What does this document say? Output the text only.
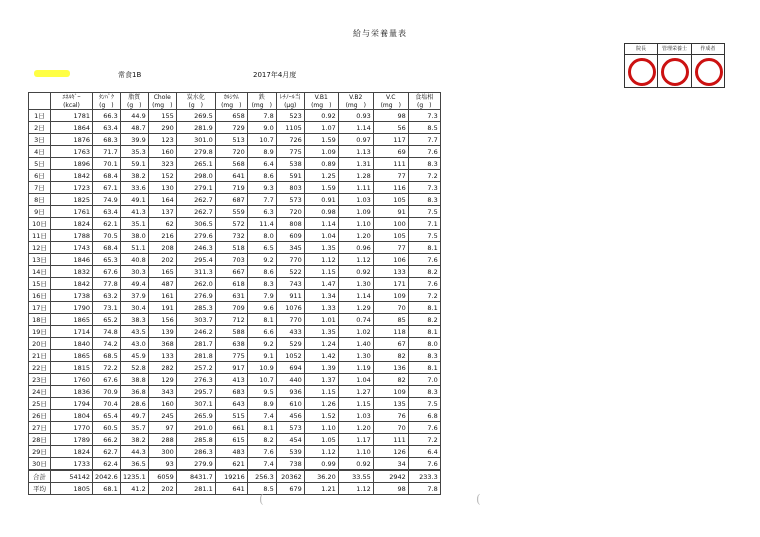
給与栄養量表
院長	管理栄養士	作成者
常食1B	2017年4月度
	ｴﾈﾙｷﾞｰ	ﾀﾝﾊﾟｸ	脂質	Chole	炭水化	ｶﾙｼｳﾑ	鉄	ﾚﾁﾉｰﾙ当	V.B1	V.B2	V.C	食塩相
	(kcal)	(g　)	(g　)	(mg　)	(g　)	(mg　)	(mg　)	(μg)	(mg　)	(mg　)	(mg　)	(g　)
1日	1781	66.3	44.9	155	269.5	658	7.8	523	0.92	0.93	98	7.3
2日	1864	63.4	48.7	290	281.9	729	9.0	1105	1.07	1.14	56	8.5
3日	1876	68.3	39.9	123	301.0	513	10.7	726	1.59	0.97	117	7.7
4日	1763	71.7	35.3	160	279.8	720	8.9	775	1.09	1.13	69	7.6
5日	1896	70.1	59.1	323	265.1	568	6.4	538	0.89	1.31	111	8.3
6日	1842	68.4	38.2	152	298.0	641	8.6	591	1.25	1.28	77	7.2
7日	1723	67.1	33.6	130	279.1	719	9.3	803	1.59	1.11	116	7.3
8日	1825	74.9	49.1	164	262.7	687	7.7	573	0.91	1.03	105	8.3
9日	1761	63.4	41.3	137	262.7	559	6.3	720	0.98	1.09	91	7.5
10日	1824	62.1	35.1	62	306.5	572	11.4	808	1.14	1.10	100	7.1
11日	1788	70.5	38.0	216	279.6	732	8.0	609	1.04	1.20	105	7.5
12日	1743	68.4	51.1	208	246.3	518	6.5	345	1.35	0.96	77	8.1
13日	1846	65.3	40.8	202	295.4	703	9.2	770	1.12	1.12	106	7.6
14日	1832	67.6	30.3	165	311.3	667	8.6	522	1.15	0.92	133	8.2
15日	1842	77.8	49.4	487	262.0	618	8.3	743	1.47	1.30	171	7.6
16日	1738	63.2	37.9	161	276.9	631	7.9	911	1.34	1.14	109	7.2
17日	1790	73.1	30.4	191	285.3	709	9.6	1076	1.33	1.29	70	8.1
18日	1865	65.2	38.3	156	303.7	712	8.1	770	1.01	0.74	85	8.2
19日	1714	74.8	43.5	139	246.2	588	6.6	433	1.35	1.02	118	8.1
20日	1840	74.2	43.0	368	281.7	638	9.2	529	1.24	1.40	67	8.0
21日	1865	68.5	45.9	133	281.8	775	9.1	1052	1.42	1.30	82	8.3
22日	1815	72.2	52.8	282	257.2	917	10.9	694	1.39	1.19	136	8.1
23日	1760	67.6	38.8	129	276.3	413	10.7	440	1.37	1.04	82	7.0
24日	1836	70.9	36.8	343	295.7	683	9.5	936	1.15	1.27	109	8.3
25日	1794	70.4	28.6	160	307.1	643	8.9	610	1.26	1.15	135	7.5
26日	1804	65.4	49.7	245	265.9	515	7.4	456	1.52	1.03	76	6.8
27日	1770	60.5	35.7	97	291.0	661	8.1	573	1.10	1.20	70	7.6
28日	1789	66.2	38.2	288	285.8	615	8.2	454	1.05	1.17	111	7.2
29日	1824	62.7	44.3	300	286.3	483	7.6	539	1.12	1.10	126	6.4
30日	1733	62.4	36.5	93	279.9	621	7.4	738	0.99	0.92	34	7.6
合計	54142	2042.6	1235.1	6059	8431.7	19216	256.3	20362	36.20	33.55	2942	233.3
平均	1805	68.1	41.2	202	281.1	641	8.5	679	1.21	1.12	98	7.8
(	(
